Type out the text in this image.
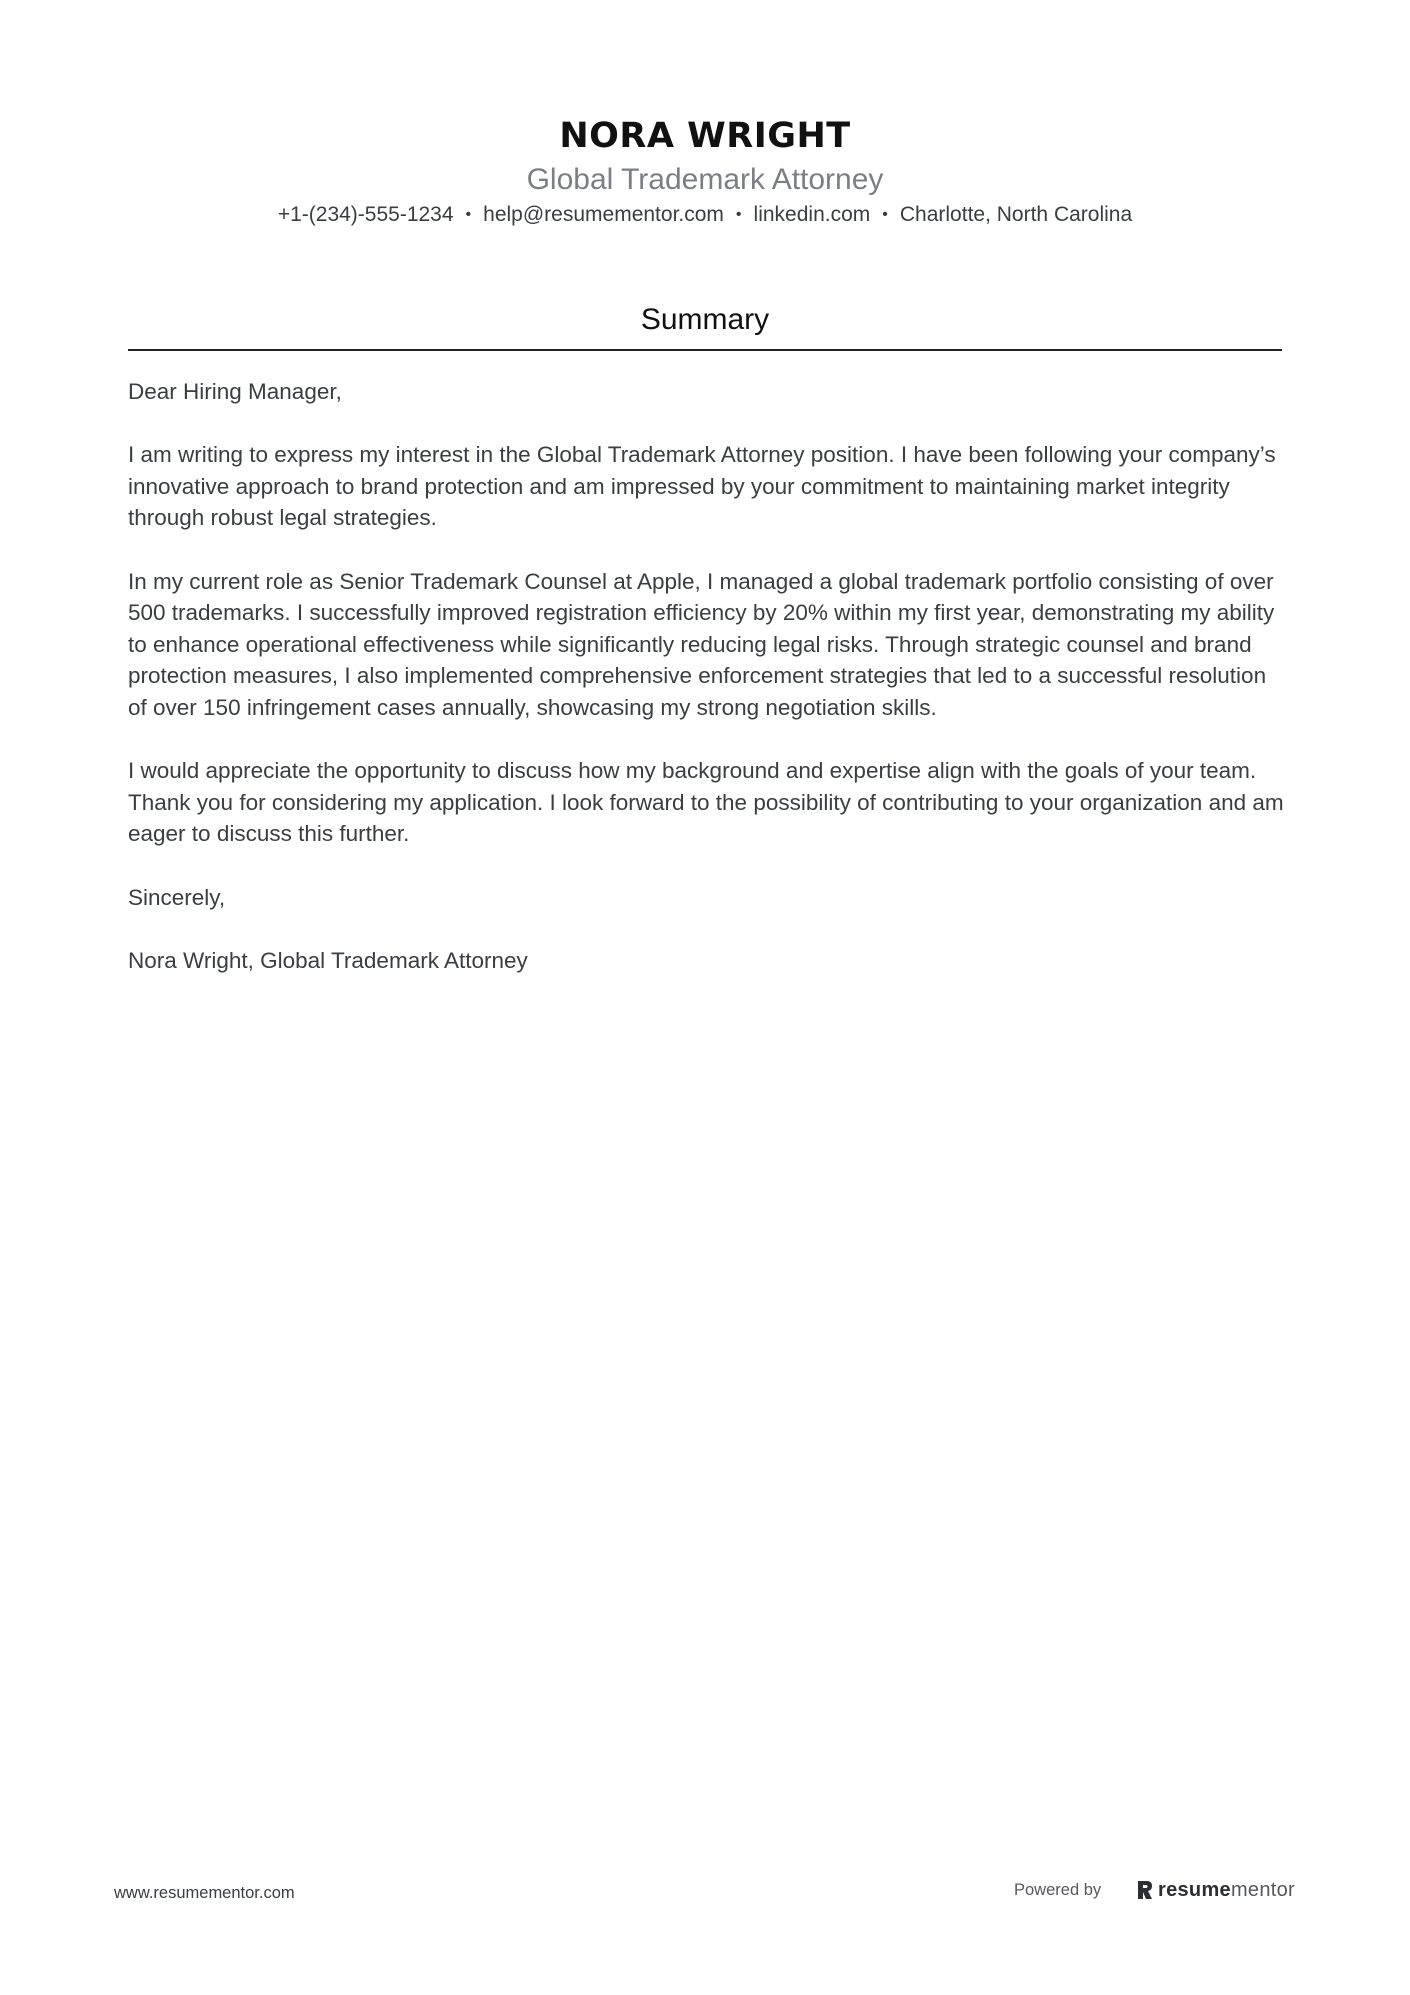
NORA WRIGHT
Global Trademark Attorney
+1-(234)-555-1234 • help@resumementor.com • linkedin.com • Charlotte, North Carolina
Summary

Dear Hiring Manager,

I am writing to express my interest in the Global Trademark Attorney position. I have been following your company’s innovative approach to brand protection and am impressed by your commitment to maintaining market integrity through robust legal strategies.

In my current role as Senior Trademark Counsel at Apple, I managed a global trademark portfolio consisting of over 500 trademarks. I successfully improved registration efficiency by 20% within my first year, demonstrating my ability to enhance operational effectiveness while significantly reducing legal risks. Through strategic counsel and brand protection measures, I also implemented comprehensive enforcement strategies that led to a successful resolution of over 150 infringement cases annually, showcasing my strong negotiation skills.

I would appreciate the opportunity to discuss how my background and expertise align with the goals of your team. Thank you for considering my application. I look forward to the possibility of contributing to your organization and am eager to discuss this further.

Sincerely,

Nora Wright, Global Trademark Attorney

www.resumementor.com	Powered by	resumementor
